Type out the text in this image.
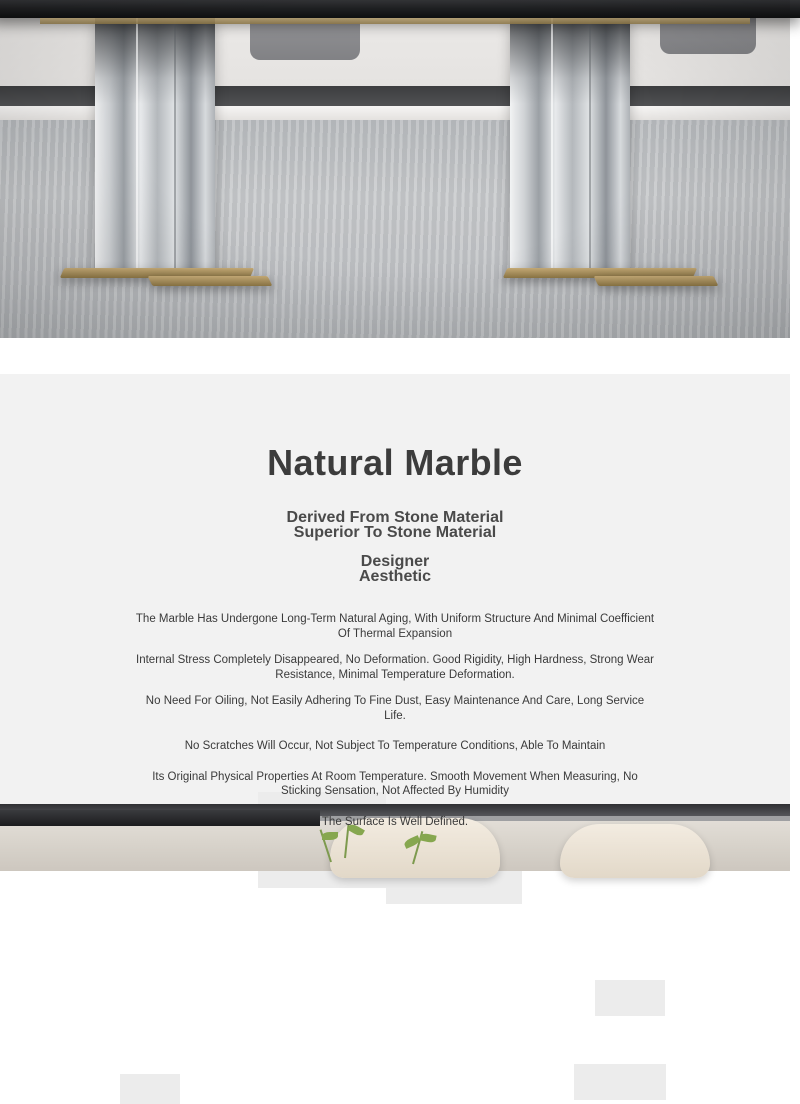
Natural Marble

Derived From Stone Material

Superior To Stone Material

Designer

Aesthetic

The Marble Has Undergone Long-Term Natural Aging, With Uniform Structure And Minimal Coefficient Of Thermal Expansion

Internal Stress Completely Disappeared, No Deformation. Good Rigidity, High Hardness, Strong Wear Resistance, Minimal Temperature Deformation.

No Need For Oiling, Not Easily Adhering To Fine Dust, Easy Maintenance And Care, Long Service Life.

No Scratches Will Occur, Not Subject To Temperature Conditions, Able To Maintain

Its Original Physical Properties At Room Temperature. Smooth Movement When Measuring, No Sticking Sensation, Not Affected By Humidity

The Surface Is Well Defined.
